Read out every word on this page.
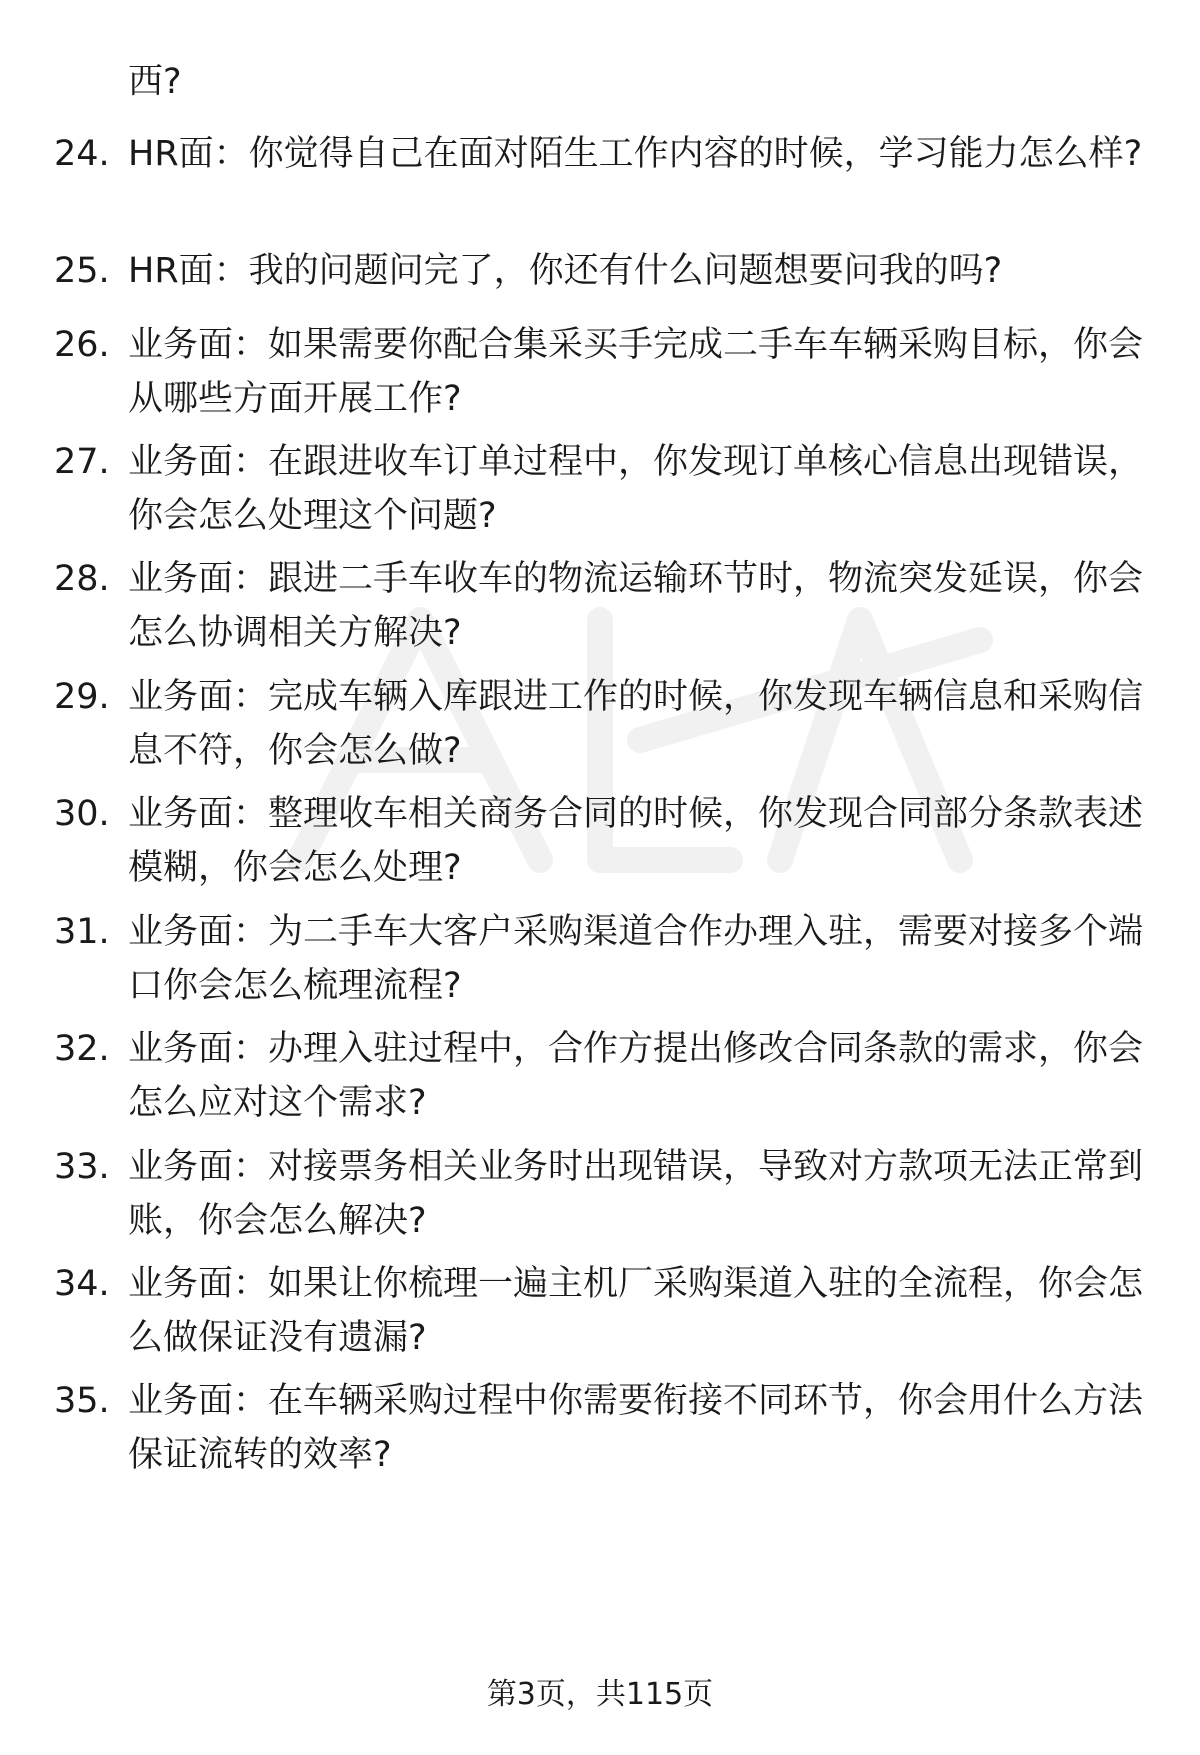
西?
24. HR面：你觉得自己在面对陌生工作内容的时候，学习能力怎么样?
25. HR面：我的问题问完了，你还有什么问题想要问我的吗?
26. 业务面：如果需要你配合集采买手完成二手车车辆采购目标，你会从哪些方面开展工作?
27. 业务面：在跟进收车订单过程中，你发现订单核心信息出现错误，你会怎么处理这个问题?
28. 业务面：跟进二手车收车的物流运输环节时，物流突发延误，你会怎么协调相关方解决?
29. 业务面：完成车辆入库跟进工作的时候，你发现车辆信息和采购信息不符，你会怎么做?
30. 业务面：整理收车相关商务合同的时候，你发现合同部分条款表述模糊，你会怎么处理?
31. 业务面：为二手车大客户采购渠道合作办理入驻，需要对接多个端口你会怎么梳理流程?
32. 业务面：办理入驻过程中，合作方提出修改合同条款的需求，你会怎么应对这个需求?
33. 业务面：对接票务相关业务时出现错误，导致对方款项无法正常到账，你会怎么解决?
34. 业务面：如果让你梳理一遍主机厂采购渠道入驻的全流程，你会怎么做保证没有遗漏?
35. 业务面：在车辆采购过程中你需要衔接不同环节，你会用什么方法保证流转的效率?
第3页，共115页
